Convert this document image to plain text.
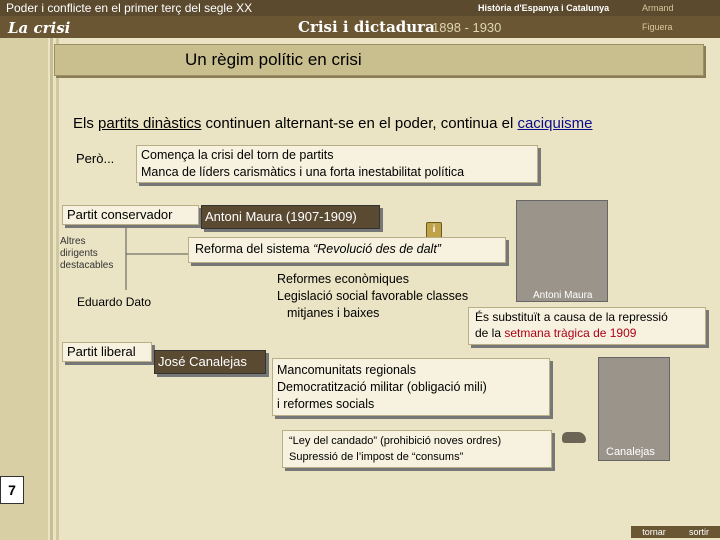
Poder i conflicte en el primer terç del segle XX	Història d'Espanya i Catalunya	Armand
La crisi	Crisi i dictadura
1898 - 1930	Figuera
Un règim polític en crisi
Els partits dinàstics continuen alternant-se en el poder, continua el caciquisme
Però... Comença la crisi del torn de partits
Manca de líders carismàtics i una forta inestabilitat política
Partit conservador	Antoni Maura (1907-1909)
i
Altres
dirigents
destacables
Reforma del sistema “Revolució des de dalt”
Eduardo Dato
Reformes econòmiques
Legislació social favorable classes
mitjanes i baixes
Antoni Maura
És substituït a causa de la repressió
de la setmana tràgica de 1909
Partit liberal
José Canalejas
Mancomunitats regionals
Democratització militar (obligació mili)
i reformes socials
“Ley del candado” (prohibició noves ordres)
Supressió de l’impost de “consums”	Canalejas
7
tornar	sortir
